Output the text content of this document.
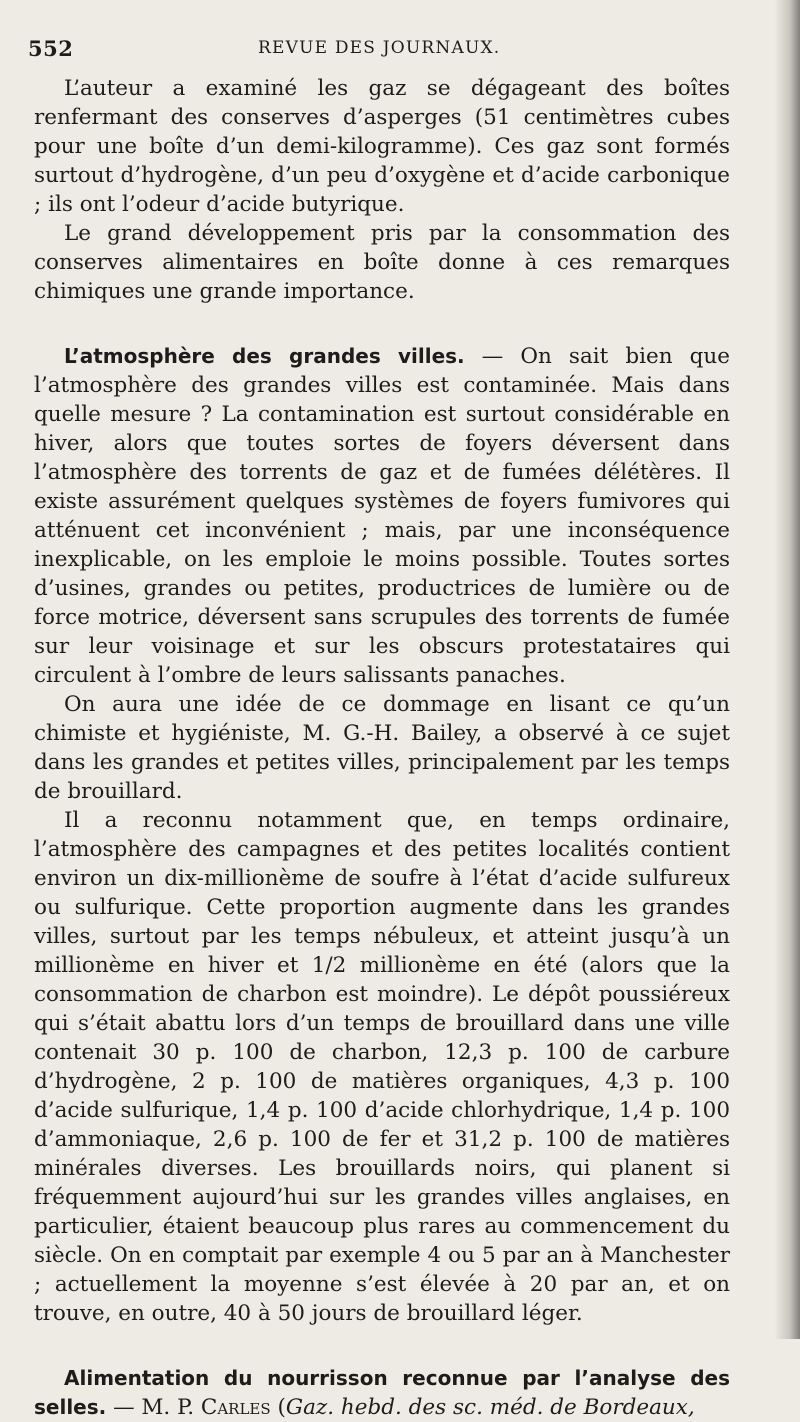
552	REVUE DES JOURNAUX.

L’auteur a examiné les gaz se dégageant des boîtes renfermant des conserves d’asperges (51 centimètres cubes pour une boîte d’un demi-kilogramme). Ces gaz sont formés surtout d’hydrogène, d’un peu d’oxygène et d’acide carbonique ; ils ont l’odeur d’acide butyrique.

Le grand développement pris par la consommation des conserves alimentaires en boîte donne à ces remarques chimiques une grande importance.

L’atmosphère des grandes villes. — On sait bien que l’atmosphère des grandes villes est contaminée. Mais dans quelle mesure ? La contamination est surtout considérable en hiver, alors que toutes sortes de foyers déversent dans l’atmosphère des torrents de gaz et de fumées délétères. Il existe assurément quelques systèmes de foyers fumivores qui atténuent cet inconvénient ; mais, par une inconséquence inexplicable, on les emploie le moins possible. Toutes sortes d’usines, grandes ou petites, productrices de lumière ou de force motrice, déversent sans scrupules des torrents de fumée sur leur voisinage et sur les obscurs protestataires qui circulent à l’ombre de leurs salissants panaches.

On aura une idée de ce dommage en lisant ce qu’un chimiste et hygiéniste, M. G.-H. Bailey, a observé à ce sujet dans les grandes et petites villes, principalement par les temps de brouillard.

Il a reconnu notamment que, en temps ordinaire, l’atmosphère des campagnes et des petites localités contient environ un dix-millionème de soufre à l’état d’acide sulfureux ou sulfurique. Cette proportion augmente dans les grandes villes, surtout par les temps nébuleux, et atteint jusqu’à un millionème en hiver et 1/2 millionème en été (alors que la consommation de charbon est moindre). Le dépôt poussiéreux qui s’était abattu lors d’un temps de brouillard dans une ville contenait 30 p. 100 de charbon, 12,3 p. 100 de carbure d’hydrogène, 2 p. 100 de matières organiques, 4,3 p. 100 d’acide sulfurique, 1,4 p. 100 d’acide chlorhydrique, 1,4 p. 100 d’ammoniaque, 2,6 p. 100 de fer et 31,2 p. 100 de matières minérales diverses. Les brouillards noirs, qui planent si fréquemment aujourd’hui sur les grandes villes anglaises, en particulier, étaient beaucoup plus rares au commencement du siècle. On en comptait par exemple 4 ou 5 par an à Manchester ; actuellement la moyenne s’est élevée à 20 par an, et on trouve, en outre, 40 à 50 jours de brouillard léger.

Alimentation du nourrisson reconnue par l’analyse des selles. — M. P. Carles (Gaz. hebd. des sc. méd. de Bordeaux,
